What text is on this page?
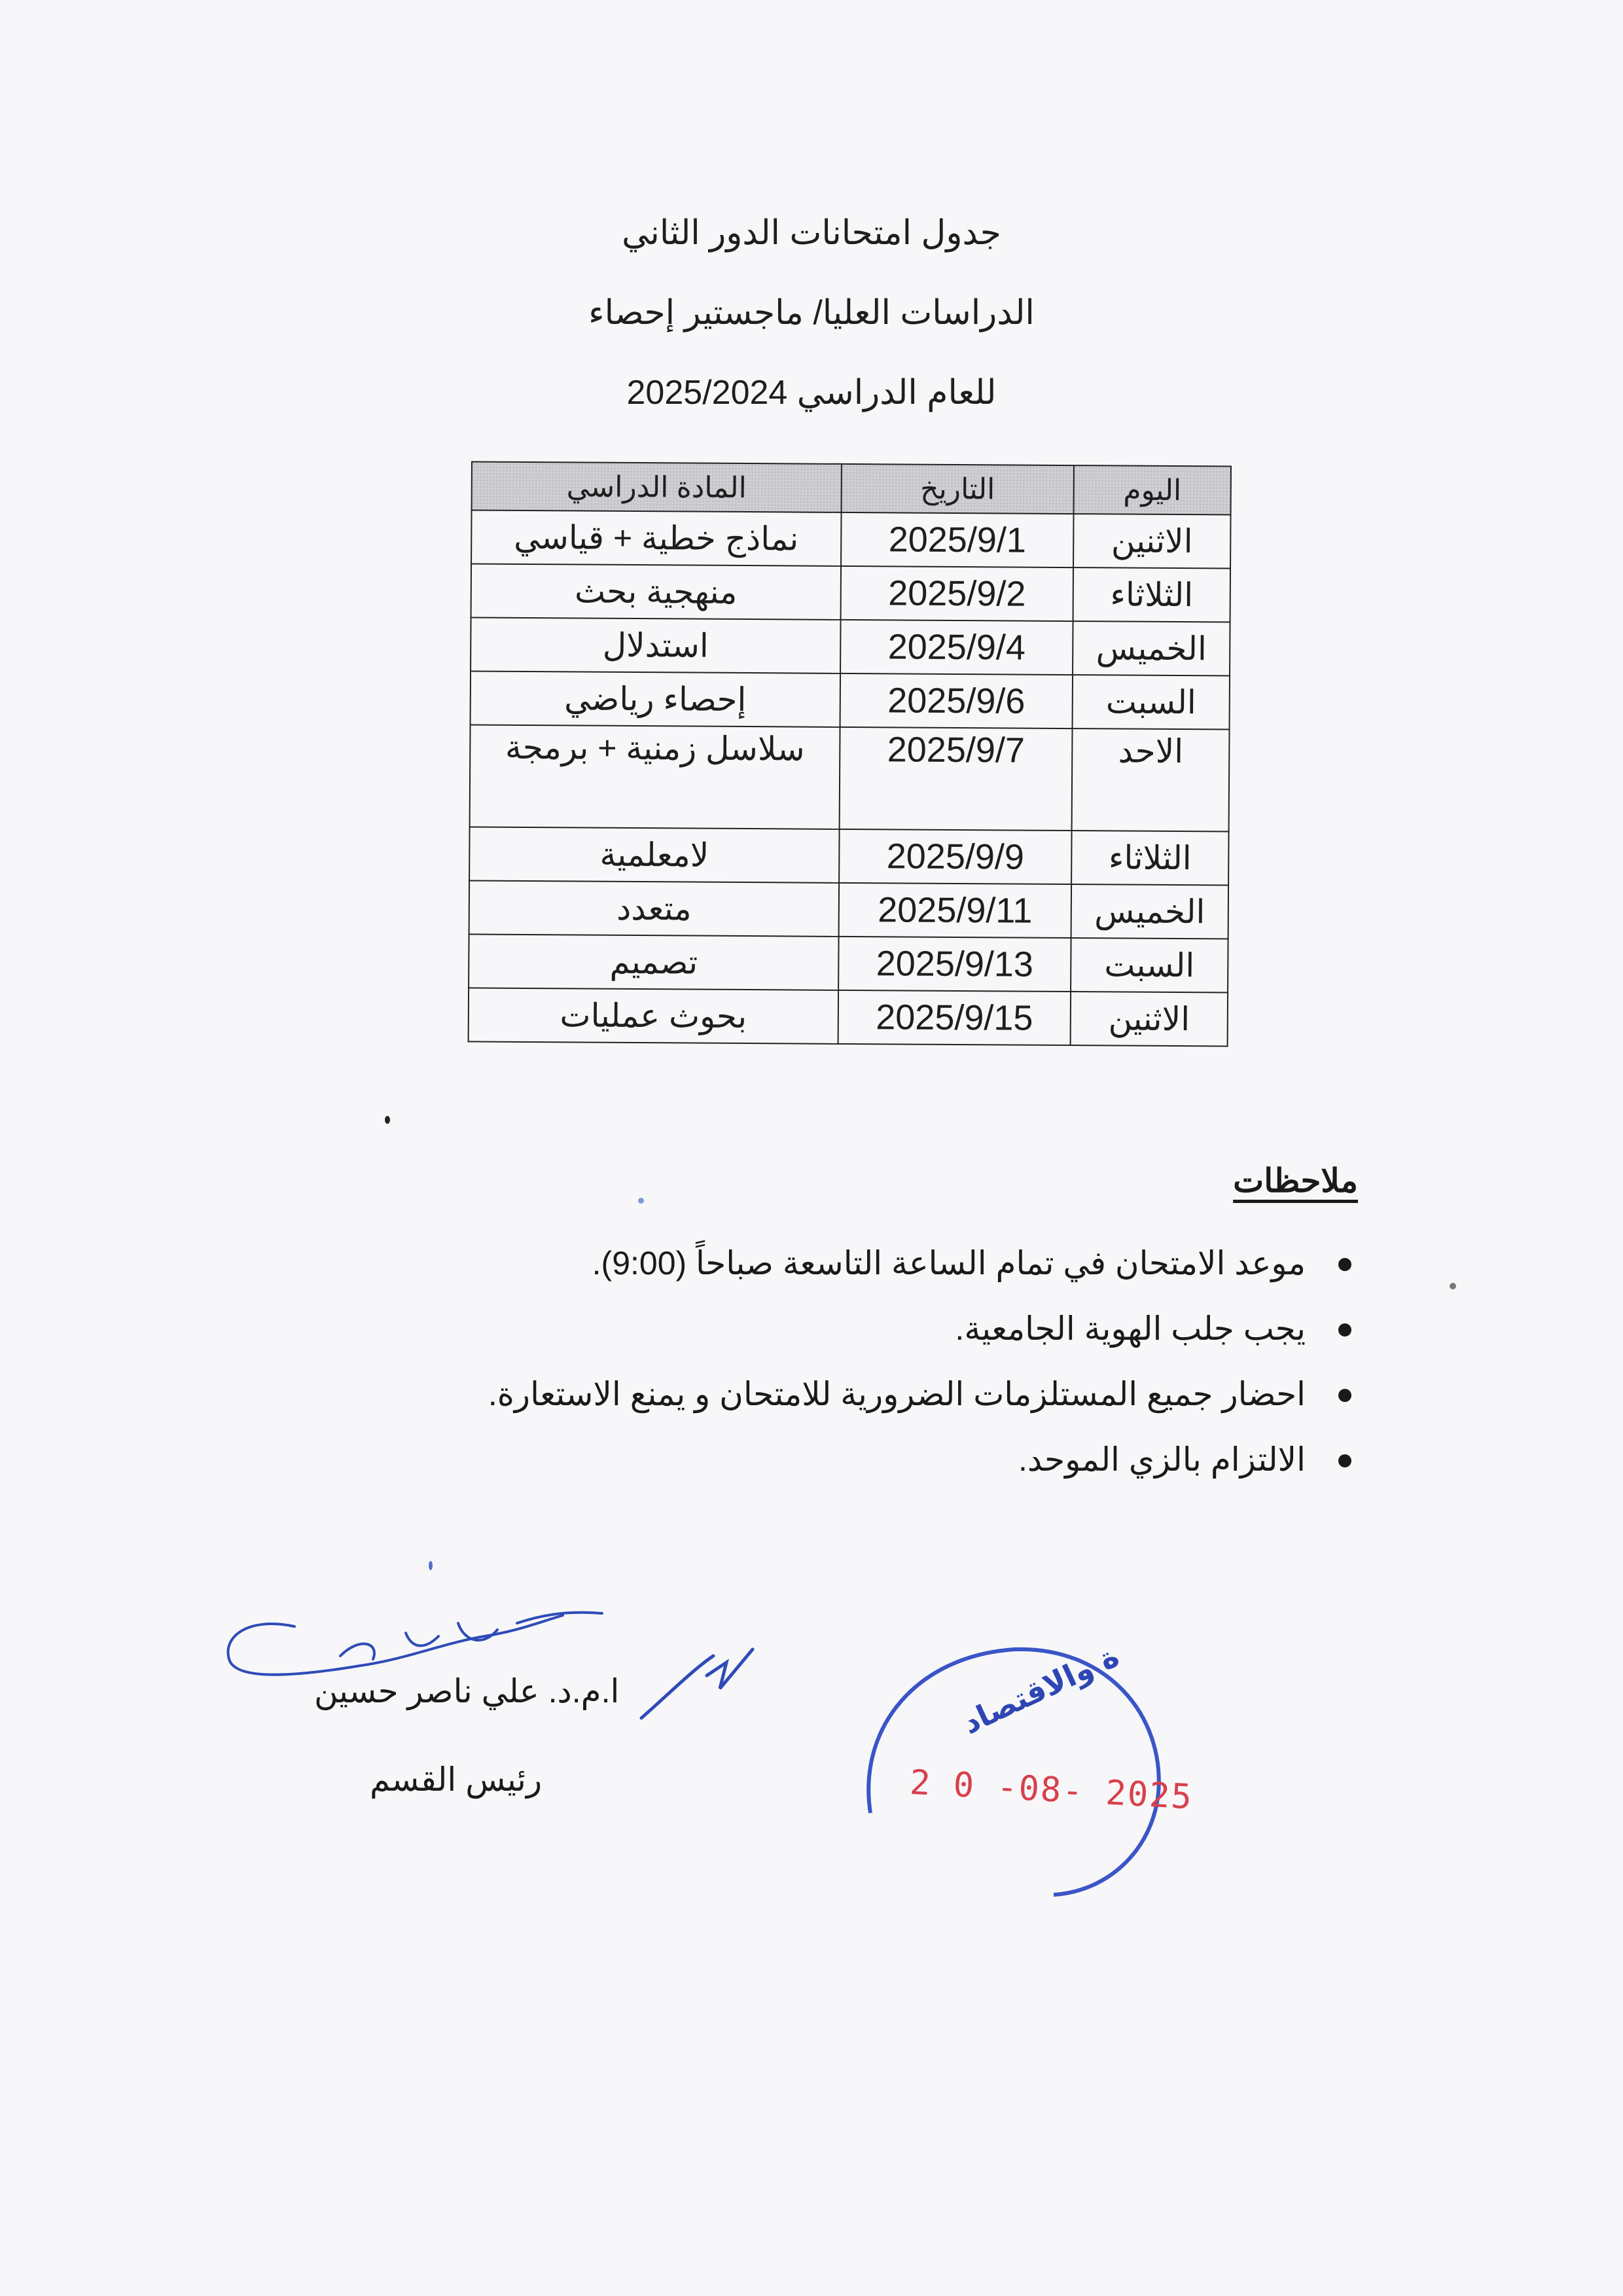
جدول امتحانات الدور الثاني
الدراسات العليا/ ماجستير إحصاء
للعام الدراسي 2025/2024
اليوم	التاريخ	المادة الدراسي
الاثنين	2025/9/1	نماذج خطية + قياسي
الثلاثاء	2025/9/2	منهجية بحث
الخميس	2025/9/4	استدلال
السبت	2025/9/6	إحصاء رياضي
الاحد	2025/9/7	سلاسل زمنية + برمجة
الثلاثاء	2025/9/9	لامعلمية
الخميس	2025/9/11	متعدد
السبت	2025/9/13	تصميم
الاثنين	2025/9/15	بحوث عمليات
ملاحظات
موعد الامتحان في تمام الساعة التاسعة صباحاً (9:00).
يجب جلب الهوية الجامعية.
احضار جميع المستلزمات الضرورية للامتحان و يمنع الاستعارة.
الالتزام بالزي الموحد.
ا.م.د. علي ناصر حسين
رئيس القسم
ة والاقتصاد
2 0 -08- 2025
